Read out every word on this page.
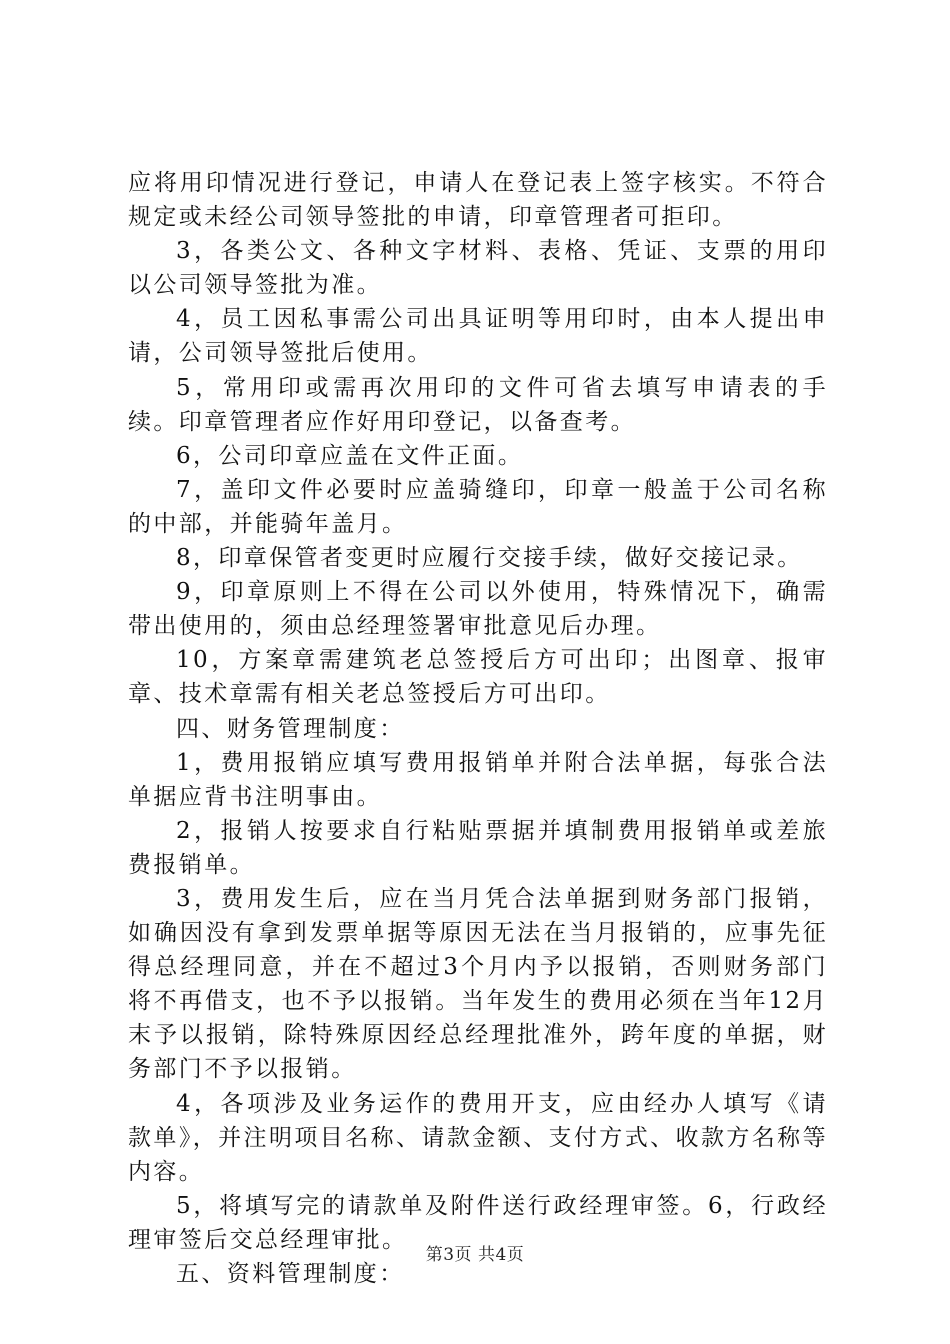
应将用印情况进行登记，申请人在登记表上签字核实。不符合规定或未经公司领导签批的申请，印章管理者可拒印。

3，各类公文、各种文字材料、表格、凭证、支票的用印以公司领导签批为准。

4，员工因私事需公司出具证明等用印时，由本人提出申请，公司领导签批后使用。

5，常用印或需再次用印的文件可省去填写申请表的手续。印章管理者应作好用印登记，以备查考。

6，公司印章应盖在文件正面。

7，盖印文件必要时应盖骑缝印，印章一般盖于公司名称的中部，并能骑年盖月。

8，印章保管者变更时应履行交接手续，做好交接记录。

9，印章原则上不得在公司以外使用，特殊情况下，确需带出使用的，须由总经理签署审批意见后办理。

10，方案章需建筑老总签授后方可出印；出图章、报审章、技术章需有相关老总签授后方可出印。

四、财务管理制度：

1，费用报销应填写费用报销单并附合法单据，每张合法单据应背书注明事由。

2，报销人按要求自行粘贴票据并填制费用报销单或差旅费报销单。

3，费用发生后，应在当月凭合法单据到财务部门报销，如确因没有拿到发票单据等原因无法在当月报销的，应事先征得总经理同意，并在不超过3个月内予以报销，否则财务部门将不再借支，也不予以报销。当年发生的费用必须在当年12月末予以报销，除特殊原因经总经理批准外，跨年度的单据，财务部门不予以报销。

4，各项涉及业务运作的费用开支，应由经办人填写《请款单》，并注明项目名称、请款金额、支付方式、收款方名称等内容。

5，将填写完的请款单及附件送行政经理审签。6，行政经理审签后交总经理审批。

五、资料管理制度：

第3页 共4页
